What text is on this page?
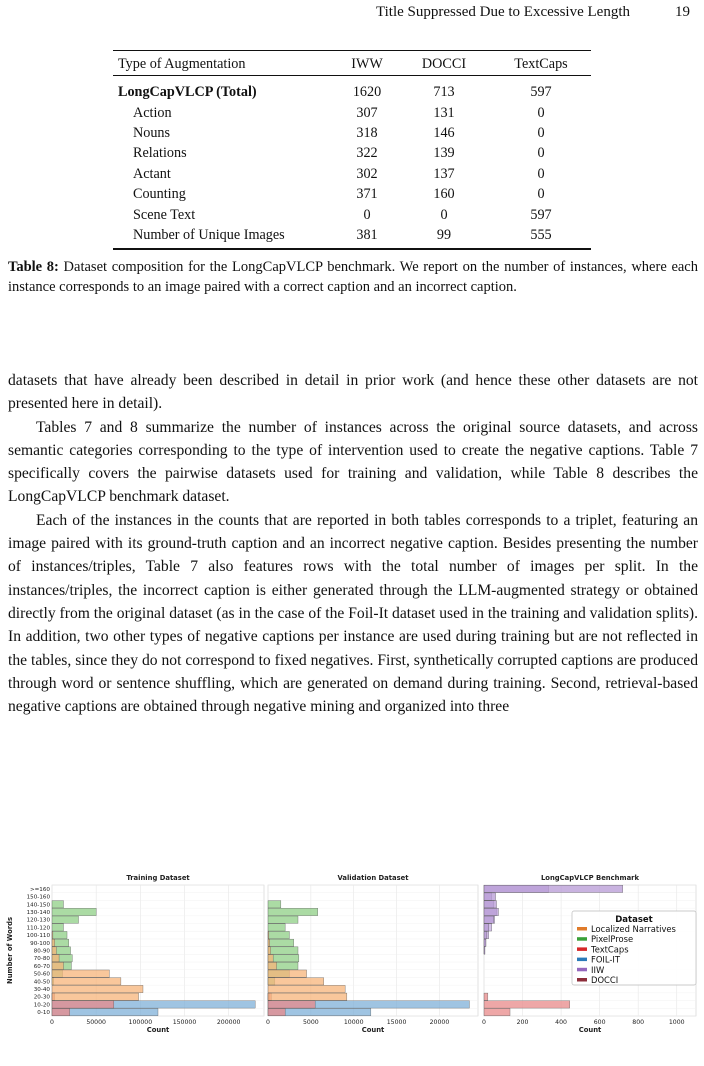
Title Suppressed Due to Excessive Length	19
Type of Augmentation	IWW	DOCCI	TextCaps
LongCapVLCP (Total)	1620	713	597
Action	307	131	0
Nouns	318	146	0
Relations	322	139	0
Actant	302	137	0
Counting	371	160	0
Scene Text	0	0	597
Number of Unique Images	381	99	555
Table 8: Dataset composition for the LongCapVLCP benchmark. We report on the number of instances, where each instance corresponds to an image paired with a correct caption and an incorrect caption.

datasets that have already been described in detail in prior work (and hence these other datasets are not presented here in detail).

Tables 7 and 8 summarize the number of instances across the original source datasets, and across semantic categories corresponding to the type of intervention used to create the negative captions. Table 7 specifically covers the pairwise datasets used for training and validation, while Table 8 describes the LongCapVLCP benchmark dataset.

Each of the instances in the counts that are reported in both tables corresponds to a triplet, featuring an image paired with its ground-truth caption and an incorrect negative caption. Besides presenting the number of instances/triples, Table 7 also features rows with the total number of images per split. In the instances/triples, the incorrect caption is either generated through the LLM-augmented strategy or obtained directly from the original dataset (as in the case of the Foil-It dataset used in the training and validation splits). In addition, two other types of negative captions per instance are used during training but are not reflected in the tables, since they do not correspond to fixed negatives. First, synthetically corrupted captions are produced through word or sentence shuffling, which are generated on demand during training. Second, retrieval-based negative captions are obtained through negative mining and organized into three

0	50000	100000	150000	200000
Training Dataset
Count
0-10
10-20
20-30
30-40
40-50
50-60
60-70
70-80
80-90
90-100
100-110
110-120
120-130
130-140
140-150
150-160
>=160
Number of Words
0	5000	10000	15000	20000
Validation Dataset
Count
0	200	400	600	800	1000
LongCapVLCP Benchmark
Count
Dataset
Localized Narratives
PixelProse
TextCaps
FOIL-IT
IIW
DOCCI
